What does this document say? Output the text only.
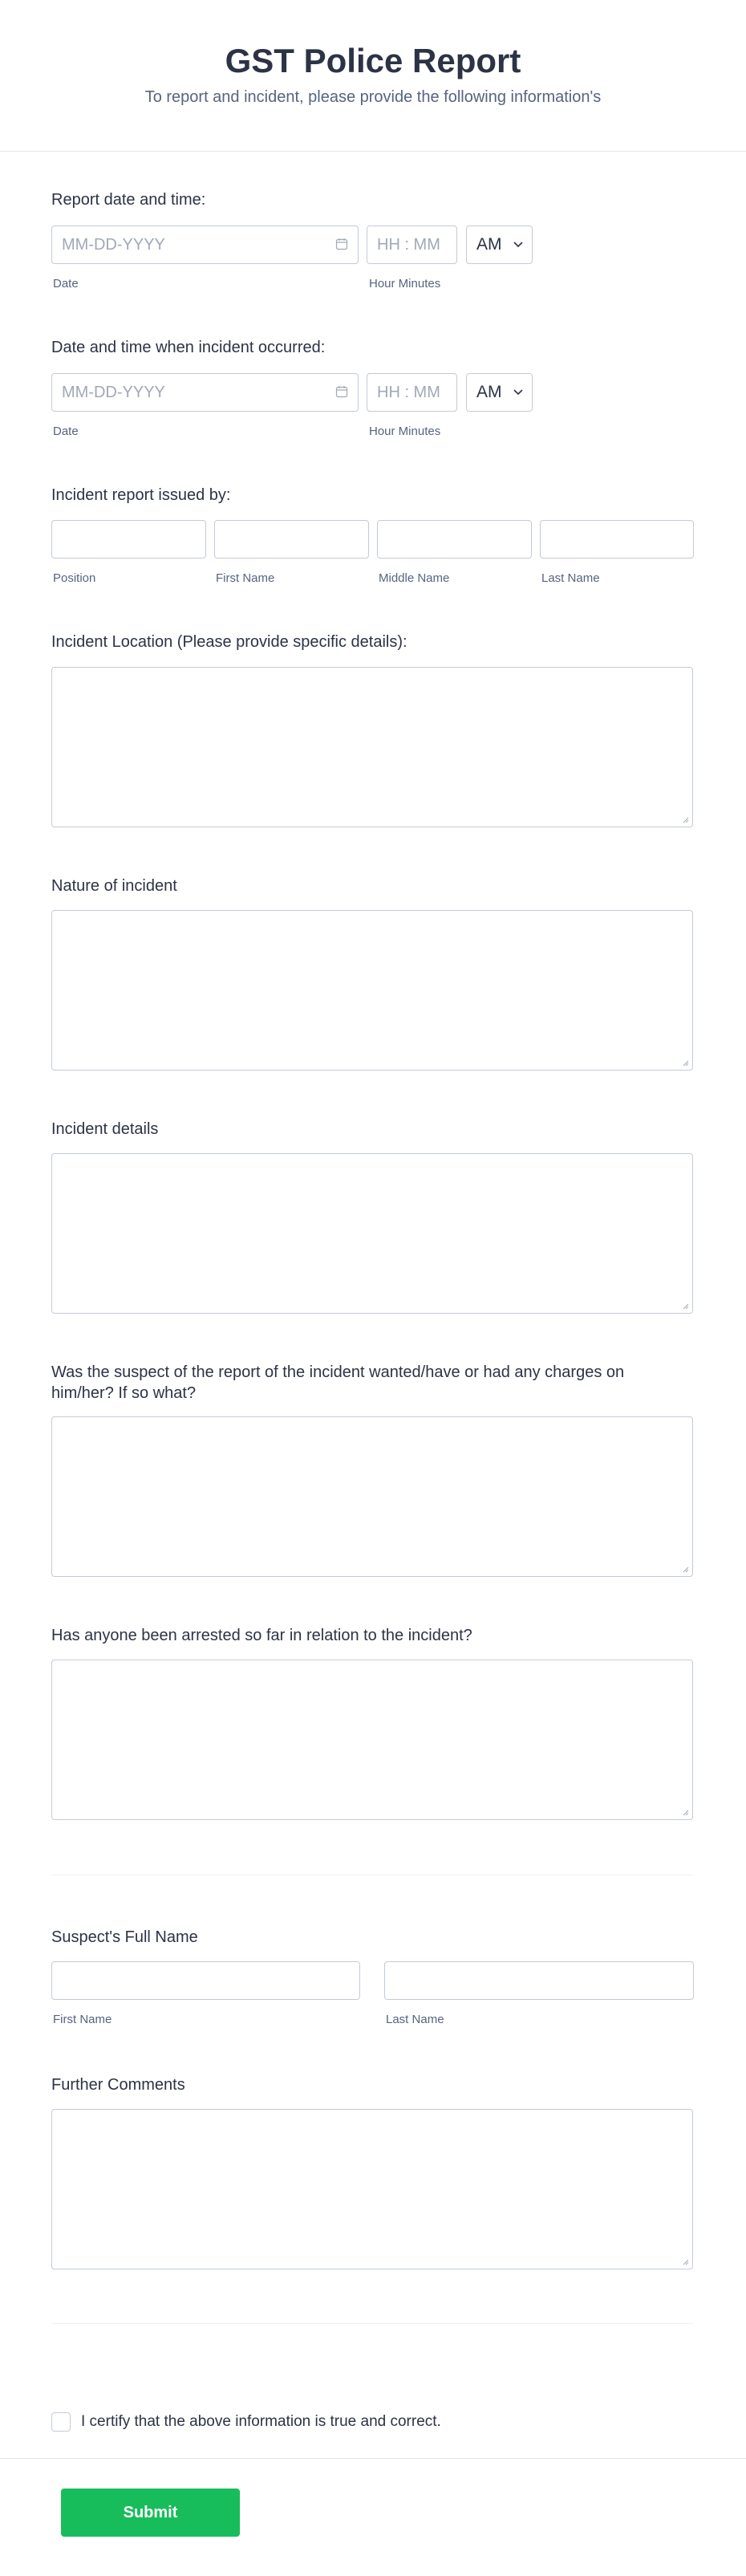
GST Police Report
To report and incident, please provide the following information's
Report date and time:
MM-DD-YYYY	HH : MM	AM
Date	Hour Minutes
Date and time when incident occurred:
MM-DD-YYYY	HH : MM	AM
Date	Hour Minutes
Incident report issued by:
Position	First Name	Middle Name	Last Name
Incident Location (Please provide specific details):
Nature of incident
Incident details
Was the suspect of the report of the incident wanted/have or had any charges on him/her? If so what?
Has anyone been arrested so far in relation to the incident?
Suspect's Full Name
First Name	Last Name
Further Comments
I certify that the above information is true and correct.
Submit
